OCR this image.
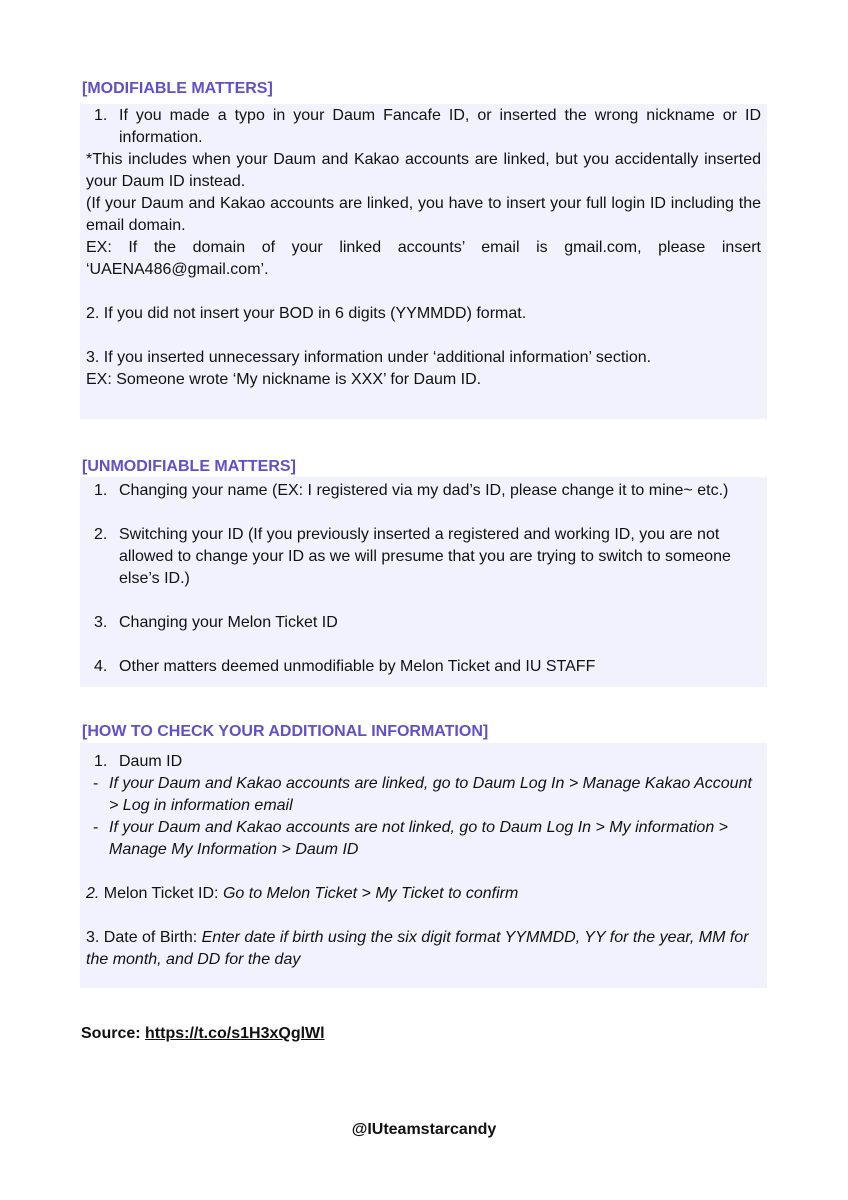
[MODIFIABLE MATTERS]

1. If you made a typo in your Daum Fancafe ID, or inserted the wrong nickname or ID information.

*This includes when your Daum and Kakao accounts are linked, but you accidentally inserted your Daum ID instead.

(If your Daum and Kakao accounts are linked, you have to insert your full login ID including the email domain.

EX: If the domain of your linked accounts’ email is gmail.com, please insert ‘UAENA486@gmail.com’.

2. If you did not insert your BOD in 6 digits (YYMMDD) format.

3. If you inserted unnecessary information under ‘additional information’ section.

EX: Someone wrote ‘My nickname is XXX’ for Daum ID.

[UNMODIFIABLE MATTERS]

1. Changing your name (EX: I registered via my dad’s ID, please change it to mine~ etc.)

2. Switching your ID (If you previously inserted a registered and working ID, you are not allowed to change your ID as we will presume that you are trying to switch to someone else’s ID.)

3. Changing your Melon Ticket ID

4. Other matters deemed unmodifiable by Melon Ticket and IU STAFF

[HOW TO CHECK YOUR ADDITIONAL INFORMATION]

1. Daum ID

- If your Daum and Kakao accounts are linked, go to Daum Log In > Manage Kakao Account > Log in information email

- If your Daum and Kakao accounts are not linked, go to Daum Log In > My information > Manage My Information > Daum ID

2. Melon Ticket ID: Go to Melon Ticket > My Ticket to confirm

3. Date of Birth: Enter date if birth using the six digit format YYMMDD, YY for the year, MM for the month, and DD for the day

Source: https://t.co/s1H3xQglWl

@IUteamstarcandy
